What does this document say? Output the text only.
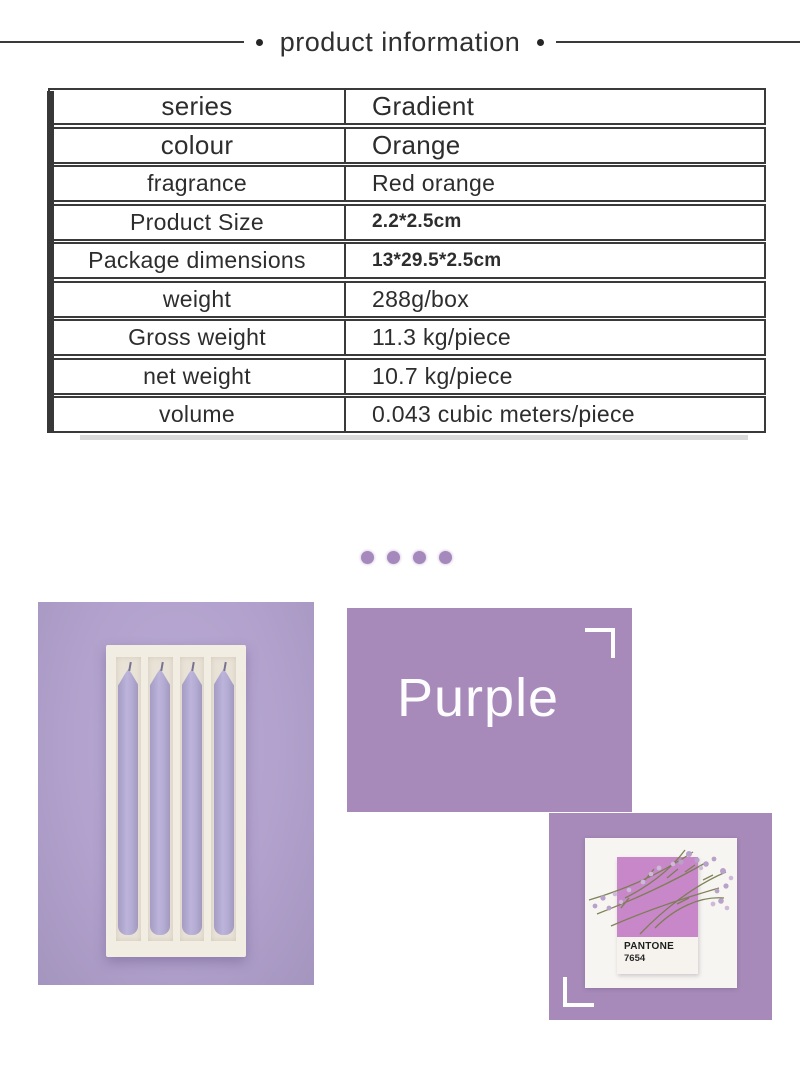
product information
series	Gradient
colour	Orange
fragrance	Red orange
Product Size	2.2*2.5cm
Package dimensions	13*29.5*2.5cm
weight	288g/box
Gross weight	11.3 kg/piece
net weight	10.7 kg/piece
volume	0.043 cubic meters/piece
Purple
PANTONE
7654
